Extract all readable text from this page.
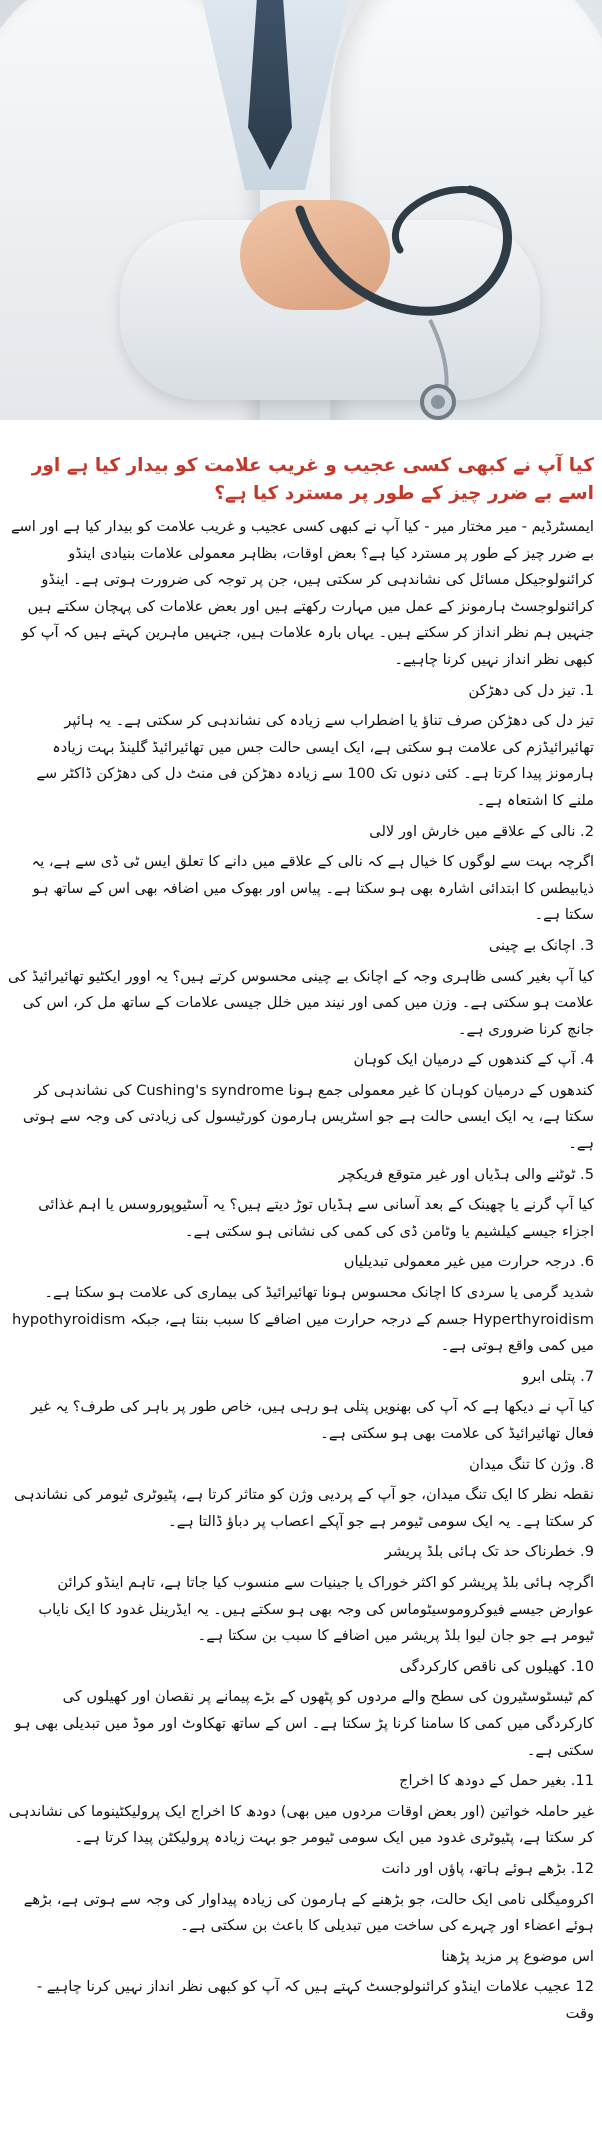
کیا آپ نے کبھی کسی عجیب و غریب علامت کو بیدار کیا ہے اور اسے بے ضرر چیز کے طور پر مسترد کیا ہے؟
ایمسٹرڈیم - میر مختار میر - کیا آپ نے کبھی کسی عجیب و غریب علامت کو بیدار کیا ہے اور اسے بے ضرر چیز کے طور پر مسترد کیا ہے؟ بعض اوقات، بظاہر معمولی علامات بنیادی اینڈو کرائنولوجیکل مسائل کی نشاندہی کر سکتی ہیں، جن پر توجہ کی ضرورت ہوتی ہے۔ اینڈو کرائنولوجسٹ ہارمونز کے عمل میں مہارت رکھتے ہیں اور بعض علامات کی پہچان سکتے ہیں جنہیں ہم نظر انداز کر سکتے ہیں۔ یہاں بارہ علامات ہیں، جنہیں ماہرین کہتے ہیں کہ آپ کو کبھی نظر انداز نہیں کرنا چاہیے۔
1. تیز دل کی دھڑکن
تیز دل کی دھڑکن صرف تناؤ یا اضطراب سے زیادہ کی نشاندہی کر سکتی ہے۔ یہ ہائپر تھائیرائیڈزم کی علامت ہو سکتی ہے، ایک ایسی حالت جس میں تھائیرائیڈ گلینڈ بہت زیادہ ہارمونز پیدا کرتا ہے۔ کئی دنوں تک 100 سے زیادہ دھڑکن فی منٹ دل کی دھڑکن ڈاکٹر سے ملنے کا اشتعاہ ہے۔
2. نالی کے علاقے میں خارش اور لالی
اگرچہ بہت سے لوگوں کا خیال ہے کہ نالی کے علاقے میں دانے کا تعلق ایس ٹی ڈی سے ہے، یہ ذیابیطس کا ابتدائی اشارہ بھی ہو سکتا ہے۔ پیاس اور بھوک میں اضافہ بھی اس کے ساتھ ہو سکتا ہے۔
3. اچانک بے چینی
کیا آپ بغیر کسی ظاہری وجہ کے اچانک بے چینی محسوس کرتے ہیں؟ یہ اوور ایکٹیو تھائیرائیڈ کی علامت ہو سکتی ہے۔ وزن میں کمی اور نیند میں خلل جیسی علامات کے ساتھ مل کر، اس کی جانچ کرنا ضروری ہے۔
4. آپ کے کندھوں کے درمیان ایک کوہان
کندھوں کے درمیان کوہان کا غیر معمولی جمع ہونا Cushing's syndrome کی نشاندہی کر سکتا ہے، یہ ایک ایسی حالت ہے جو اسٹریس ہارمون کورٹیسول کی زیادتی کی وجہ سے ہوتی ہے۔
5. ٹوٹنے والی ہڈیاں اور غیر متوقع فریکچر
کیا آپ گرنے یا چھینک کے بعد آسانی سے ہڈیاں توڑ دیتے ہیں؟ یہ آسٹیوپوروسس یا اہم غذائی اجزاء جیسے کیلشیم یا وٹامن ڈی کی کمی کی نشانی ہو سکتی ہے۔
6. درجہ حرارت میں غیر معمولی تبدیلیاں
شدید گرمی یا سردی کا اچانک محسوس ہونا تھائیرائیڈ کی بیماری کی علامت ہو سکتا ہے۔ Hyperthyroidism جسم کے درجہ حرارت میں اضافے کا سبب بنتا ہے، جبکہ hypothyroidism میں کمی واقع ہوتی ہے۔
7. پتلی ابرو
کیا آپ نے دیکھا ہے کہ آپ کی بھنویں پتلی ہو رہی ہیں، خاص طور پر باہر کی طرف؟ یہ غیر فعال تھائیرائیڈ کی علامت بھی ہو سکتی ہے۔
8. وژن کا تنگ میدان
نقطہ نظر کا ایک تنگ میدان، جو آپ کے پردیی وژن کو متاثر کرتا ہے، پٹیوٹری ٹیومر کی نشاندہی کر سکتا ہے۔ یہ ایک سومی ٹیومر ہے جو آپکے اعصاب پر دباؤ ڈالتا ہے۔
9. خطرناک حد تک ہائی بلڈ پریشر
اگرچہ ہائی بلڈ پریشر کو اکثر خوراک یا جینیات سے منسوب کیا جاتا ہے، تاہم اینڈو کرائن عوارض جیسے فیوکروموسیٹوماس کی وجہ بھی ہو سکتے ہیں۔ یہ ایڈرینل غدود کا ایک نایاب ٹیومر ہے جو جان لیوا بلڈ پریشر میں اضافے کا سبب بن سکتا ہے۔
10. کھیلوں کی ناقص کارکردگی
کم ٹیسٹوسٹیرون کی سطح والے مردوں کو پٹھوں کے بڑے پیمانے پر نقصان اور کھیلوں کی کارکردگی میں کمی کا سامنا کرنا پڑ سکتا ہے۔ اس کے ساتھ تھکاوٹ اور موڈ میں تبدیلی بھی ہو سکتی ہے۔
11. بغیر حمل کے دودھ کا اخراج
غیر حاملہ خواتین (اور بعض اوقات مردوں میں بھی) دودھ کا اخراج ایک پرولیکٹینوما کی نشاندہی کر سکتا ہے، پٹیوٹری غدود میں ایک سومی ٹیومر جو بہت زیادہ پرولیکٹن پیدا کرتا ہے۔
12. بڑھے ہوئے ہاتھ، پاؤں اور دانت
اکرومیگلی نامی ایک حالت، جو بڑھنے کے ہارمون کی زیادہ پیداوار کی وجہ سے ہوتی ہے، بڑھے ہوئے اعضاء اور چہرے کی ساخت میں تبدیلی کا باعث بن سکتی ہے۔
اس موضوع پر مزید پڑھنا
12 عجیب علامات اینڈو کرائنولوجسٹ کہتے ہیں کہ آپ کو کبھی نظر انداز نہیں کرنا چاہیے - وقت
